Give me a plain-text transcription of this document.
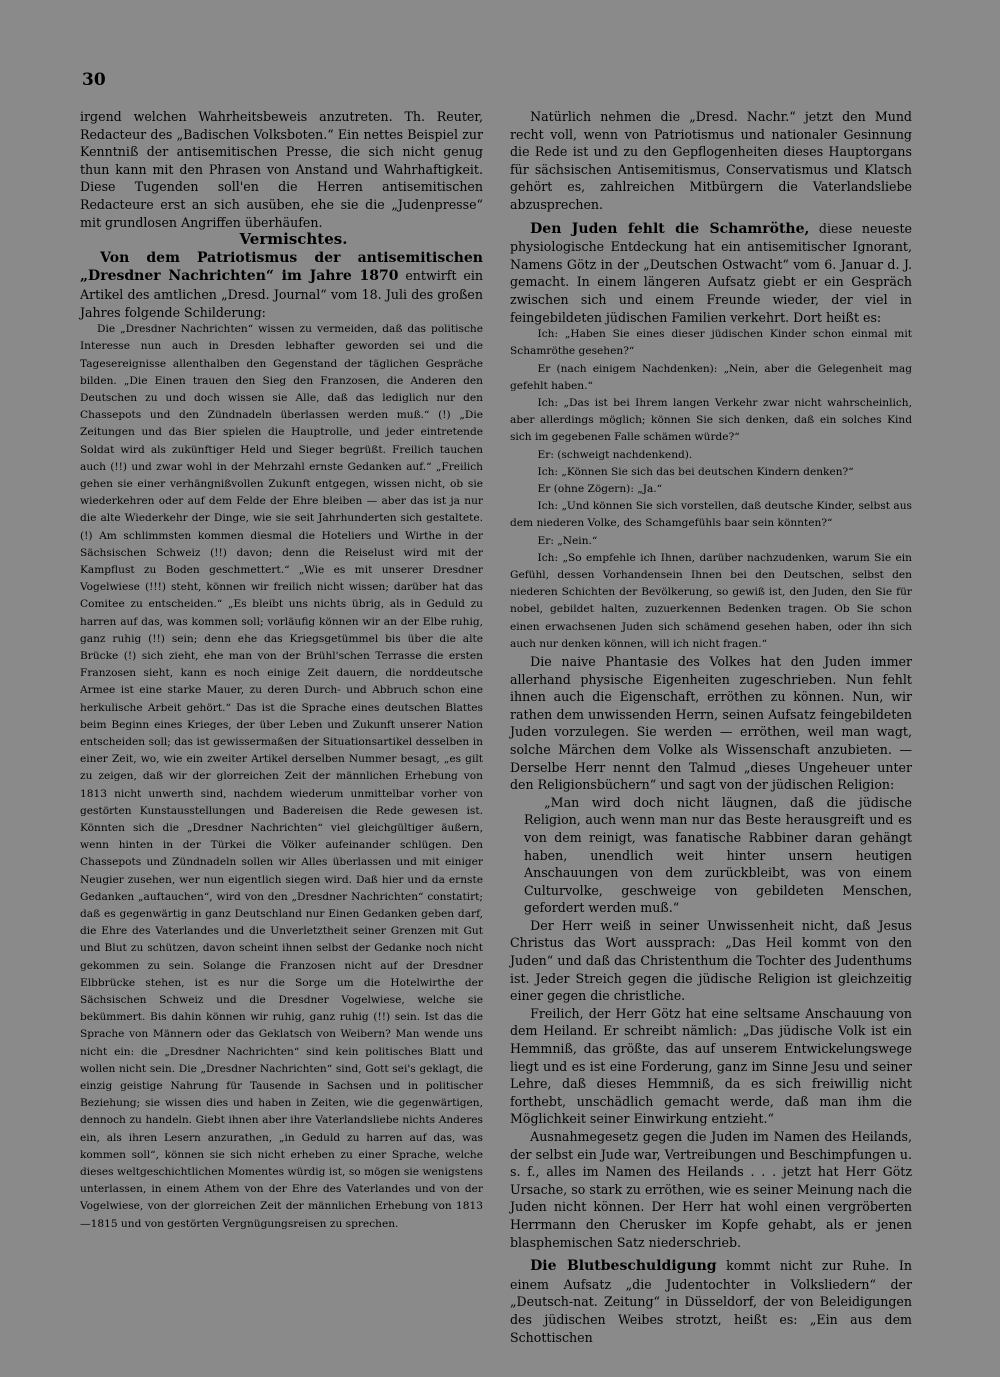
30

irgend welchen Wahrheitsbeweis anzutreten. Th. Reuter, Redacteur des „Badischen Volksboten.“ Ein nettes Beispiel zur Kenntniß der antisemitischen Presse, die sich nicht genug thun kann mit den Phrasen von Anstand und Wahrhaftigkeit. Diese Tugenden soll'en die Herren antisemitischen Redacteure erst an sich ausüben, ehe sie die „Judenpresse“ mit grundlosen Angriffen überhäufen.

Vermischtes.

Von dem Patriotismus der antisemitischen „Dresdner Nachrichten“ im Jahre 1870 entwirft ein Artikel des amtlichen „Dresd. Journal“ vom 18. Juli des großen Jahres folgende Schilderung:

Die „Dresdner Nachrichten“ wissen zu vermeiden, daß das politische Interesse nun auch in Dresden lebhafter geworden sei und die Tagesereignisse allenthalben den Gegenstand der täglichen Gespräche bilden. „Die Einen trauen den Sieg den Franzosen, die Anderen den Deutschen zu und doch wissen sie Alle, daß das lediglich nur den Chassepots und den Zündnadeln überlassen werden muß.“ (!) „Die Zeitungen und das Bier spielen die Hauptrolle, und jeder eintretende Soldat wird als zukünftiger Held und Sieger begrüßt. Freilich tauchen auch (!!) und zwar wohl in der Mehrzahl ernste Gedanken auf.“ „Freilich gehen sie einer verhängnißvollen Zukunft entgegen, wissen nicht, ob sie wiederkehren oder auf dem Felde der Ehre bleiben — aber das ist ja nur die alte Wiederkehr der Dinge, wie sie seit Jahrhunderten sich gestaltete. (!) Am schlimmsten kommen diesmal die Hoteliers und Wirthe in der Sächsischen Schweiz (!!) davon; denn die Reiselust wird mit der Kampflust zu Boden geschmettert.“ „Wie es mit unserer Dresdner Vogelwiese (!!!) steht, können wir freilich nicht wissen; darüber hat das Comitee zu entscheiden.“ „Es bleibt uns nichts übrig, als in Geduld zu harren auf das, was kommen soll; vorläufig können wir an der Elbe ruhig, ganz ruhig (!!) sein; denn ehe das Kriegsgetümmel bis über die alte Brücke (!) sich zieht, ehe man von der Brühl'schen Terrasse die ersten Franzosen sieht, kann es noch einige Zeit dauern, die norddeutsche Armee ist eine starke Mauer, zu deren Durch- und Abbruch schon eine herkulische Arbeit gehört.“ Das ist die Sprache eines deutschen Blattes beim Beginn eines Krieges, der über Leben und Zukunft unserer Nation entscheiden soll; das ist gewissermaßen der Situationsartikel desselben in einer Zeit, wo, wie ein zweiter Artikel derselben Nummer besagt, „es gilt zu zeigen, daß wir der glorreichen Zeit der männlichen Erhebung von 1813 nicht unwerth sind, nachdem wiederum unmittelbar vorher von gestörten Kunstausstellungen und Badereisen die Rede gewesen ist. Könnten sich die „Dresdner Nachrichten“ viel gleichgültiger äußern, wenn hinten in der Türkei die Völker aufeinander schlügen. Den Chassepots und Zündnadeln sollen wir Alles überlassen und mit einiger Neugier zusehen, wer nun eigentlich siegen wird. Daß hier und da ernste Gedanken „auftauchen“, wird von den „Dresdner Nachrichten“ constatirt; daß es gegenwärtig in ganz Deutschland nur Einen Gedanken geben darf, die Ehre des Vaterlandes und die Unverletztheit seiner Grenzen mit Gut und Blut zu schützen, davon scheint ihnen selbst der Gedanke noch nicht gekommen zu sein. Solange die Franzosen nicht auf der Dresdner Elbbrücke stehen, ist es nur die Sorge um die Hotelwirthe der Sächsischen Schweiz und die Dresdner Vogelwiese, welche sie bekümmert. Bis dahin können wir ruhig, ganz ruhig (!!) sein. Ist das die Sprache von Männern oder das Geklatsch von Weibern? Man wende uns nicht ein: die „Dresdner Nachrichten“ sind kein politisches Blatt und wollen nicht sein. Die „Dresdner Nachrichten“ sind, Gott sei's geklagt, die einzig geistige Nahrung für Tausende in Sachsen und in politischer Beziehung; sie wissen dies und haben in Zeiten, wie die gegenwärtigen, dennoch zu handeln. Giebt ihnen aber ihre Vaterlandsliebe nichts Anderes ein, als ihren Lesern anzurathen, „in Geduld zu harren auf das, was kommen soll“, können sie sich nicht erheben zu einer Sprache, welche dieses weltgeschichtlichen Momentes würdig ist, so mögen sie wenigstens unterlassen, in einem Athem von der Ehre des Vaterlandes und von der Vogelwiese, von der glorreichen Zeit der männlichen Erhebung von 1813—1815 und von gestörten Vergnügungsreisen zu sprechen.

Natürlich nehmen die „Dresd. Nachr.“ jetzt den Mund recht voll, wenn von Patriotismus und nationaler Gesinnung die Rede ist und zu den Gepflogenheiten dieses Hauptorgans für sächsischen Antisemitismus, Conservatismus und Klatsch gehört es, zahlreichen Mitbürgern die Vaterlandsliebe abzusprechen.

Den Juden fehlt die Schamröthe, diese neueste physiologische Entdeckung hat ein antisemitischer Ignorant, Namens Götz in der „Deutschen Ostwacht“ vom 6. Januar d. J. gemacht. In einem längeren Aufsatz giebt er ein Gespräch zwischen sich und einem Freunde wieder, der viel in feingebildeten jüdischen Familien verkehrt. Dort heißt es:

Ich: „Haben Sie eines dieser jüdischen Kinder schon einmal mit Schamröthe gesehen?“

Er (nach einigem Nachdenken): „Nein, aber die Gelegenheit mag gefehlt haben.“

Ich: „Das ist bei Ihrem langen Verkehr zwar nicht wahrscheinlich, aber allerdings möglich; können Sie sich denken, daß ein solches Kind sich im gegebenen Falle schämen würde?“

Er: (schweigt nachdenkend).

Ich: „Können Sie sich das bei deutschen Kindern denken?“

Er (ohne Zögern): „Ja.“

Ich: „Und können Sie sich vorstellen, daß deutsche Kinder, selbst aus dem niederen Volke, des Schamgefühls baar sein könnten?“

Er: „Nein.“

Ich: „So empfehle ich Ihnen, darüber nachzudenken, warum Sie ein Gefühl, dessen Vorhandensein Ihnen bei den Deutschen, selbst den niederen Schichten der Bevölkerung, so gewiß ist, den Juden, den Sie für nobel, gebildet halten, zuzuerkennen Bedenken tragen. Ob Sie schon einen erwachsenen Juden sich schämend gesehen haben, oder ihn sich auch nur denken können, will ich nicht fragen.“

Die naive Phantasie des Volkes hat den Juden immer allerhand physische Eigenheiten zugeschrieben. Nun fehlt ihnen auch die Eigenschaft, erröthen zu können. Nun, wir rathen dem unwissenden Herrn, seinen Aufsatz feingebildeten Juden vorzulegen. Sie werden — erröthen, weil man wagt, solche Märchen dem Volke als Wissenschaft anzubieten. — Derselbe Herr nennt den Talmud „dieses Ungeheuer unter den Religionsbüchern“ und sagt von der jüdischen Religion:

„Man wird doch nicht läugnen, daß die jüdische Religion, auch wenn man nur das Beste herausgreift und es von dem reinigt, was fanatische Rabbiner daran gehängt haben, unendlich weit hinter unsern heutigen Anschauungen von dem zurückbleibt, was von einem Culturvolke, geschweige von gebildeten Menschen, gefordert werden muß.“

Der Herr weiß in seiner Unwissenheit nicht, daß Jesus Christus das Wort aussprach: „Das Heil kommt von den Juden“ und daß das Christenthum die Tochter des Judenthums ist. Jeder Streich gegen die jüdische Religion ist gleichzeitig einer gegen die christliche.

Freilich, der Herr Götz hat eine seltsame Anschauung von dem Heiland. Er schreibt nämlich: „Das jüdische Volk ist ein Hemmniß, das größte, das auf unserem Entwickelungswege liegt und es ist eine Forderung, ganz im Sinne Jesu und seiner Lehre, daß dieses Hemmniß, da es sich freiwillig nicht forthebt, unschädlich gemacht werde, daß man ihm die Möglichkeit seiner Einwirkung entzieht.“

Ausnahmegesetz gegen die Juden im Namen des Heilands, der selbst ein Jude war, Vertreibungen und Beschimpfungen u. s. f., alles im Namen des Heilands . . . jetzt hat Herr Götz Ursache, so stark zu erröthen, wie es seiner Meinung nach die Juden nicht können. Der Herr hat wohl einen vergröberten Herrmann den Cherusker im Kopfe gehabt, als er jenen blasphemischen Satz niederschrieb.

Die Blutbeschuldigung kommt nicht zur Ruhe. In einem Aufsatz „die Judentochter in Volksliedern“ der „Deutsch-nat. Zeitung“ in Düsseldorf, der von Beleidigungen des jüdischen Weibes strotzt, heißt es: „Ein aus dem Schottischen
